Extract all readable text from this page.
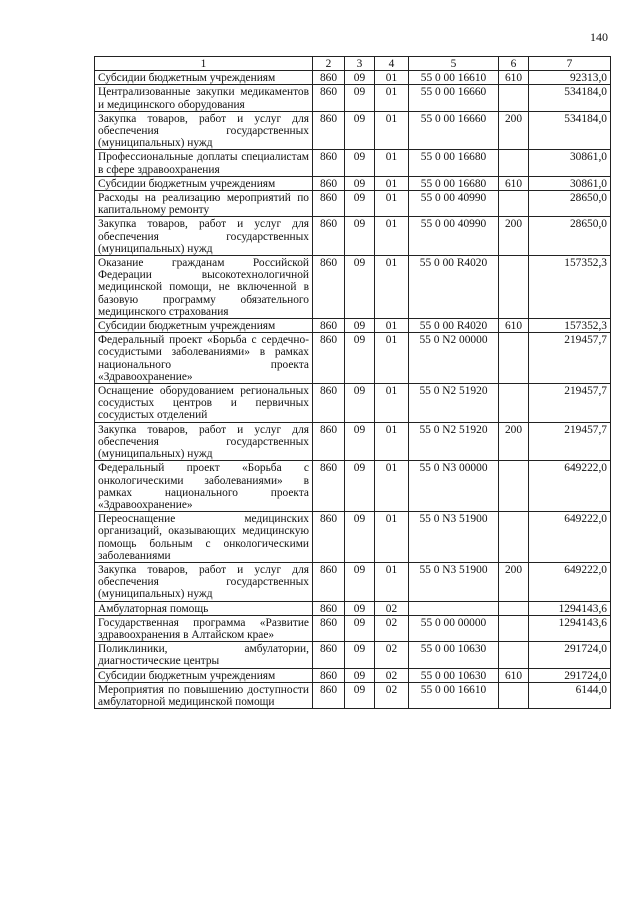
140
1	2	3	4	5	6	7
Субсидии бюджетным учреждениям	860	09	01	55 0 00 16610	610	92313,0
Централизованные закупки медикаментов и медицинского оборудования	860	09	01	55 0 00 16660		534184,0
Закупка товаров, работ и услуг для обеспечения государственных (муниципальных) нужд	860	09	01	55 0 00 16660	200	534184,0
Профессиональные доплаты специалистам в сфере здравоохранения	860	09	01	55 0 00 16680		30861,0
Субсидии бюджетным учреждениям	860	09	01	55 0 00 16680	610	30861,0
Расходы на реализацию мероприятий по капитальному ремонту	860	09	01	55 0 00 40990		28650,0
Закупка товаров, работ и услуг для обеспечения государственных (муниципальных) нужд	860	09	01	55 0 00 40990	200	28650,0
Оказание гражданам Российской Федерации высокотехнологичной медицинской помощи, не включенной в базовую программу обязательного медицинского страхования	860	09	01	55 0 00 R4020		157352,3
Субсидии бюджетным учреждениям	860	09	01	55 0 00 R4020	610	157352,3
Федеральный проект «Борьба с сердечно-сосудистыми заболеваниями» в рамках национального проекта «Здравоохранение»	860	09	01	55 0 N2 00000		219457,7
Оснащение оборудованием региональных сосудистых центров и первичных сосудистых отделений	860	09	01	55 0 N2 51920		219457,7
Закупка товаров, работ и услуг для обеспечения государственных (муниципальных) нужд	860	09	01	55 0 N2 51920	200	219457,7
Федеральный проект «Борьба с онкологическими заболеваниями» в рамках национального проекта «Здравоохранение»	860	09	01	55 0 N3 00000		649222,0
Переоснащение медицинских организаций, оказывающих медицинскую помощь больным с онкологическими заболеваниями	860	09	01	55 0 N3 51900		649222,0
Закупка товаров, работ и услуг для обеспечения государственных (муниципальных) нужд	860	09	01	55 0 N3 51900	200	649222,0
Амбулаторная помощь	860	09	02			1294143,6
Государственная программа «Развитие здравоохранения в Алтайском крае»	860	09	02	55 0 00 00000		1294143,6
Поликлиники, амбулатории, диагностические центры	860	09	02	55 0 00 10630		291724,0
Субсидии бюджетным учреждениям	860	09	02	55 0 00 10630	610	291724,0
Мероприятия по повышению доступности амбулаторной медицинской помощи	860	09	02	55 0 00 16610		6144,0
